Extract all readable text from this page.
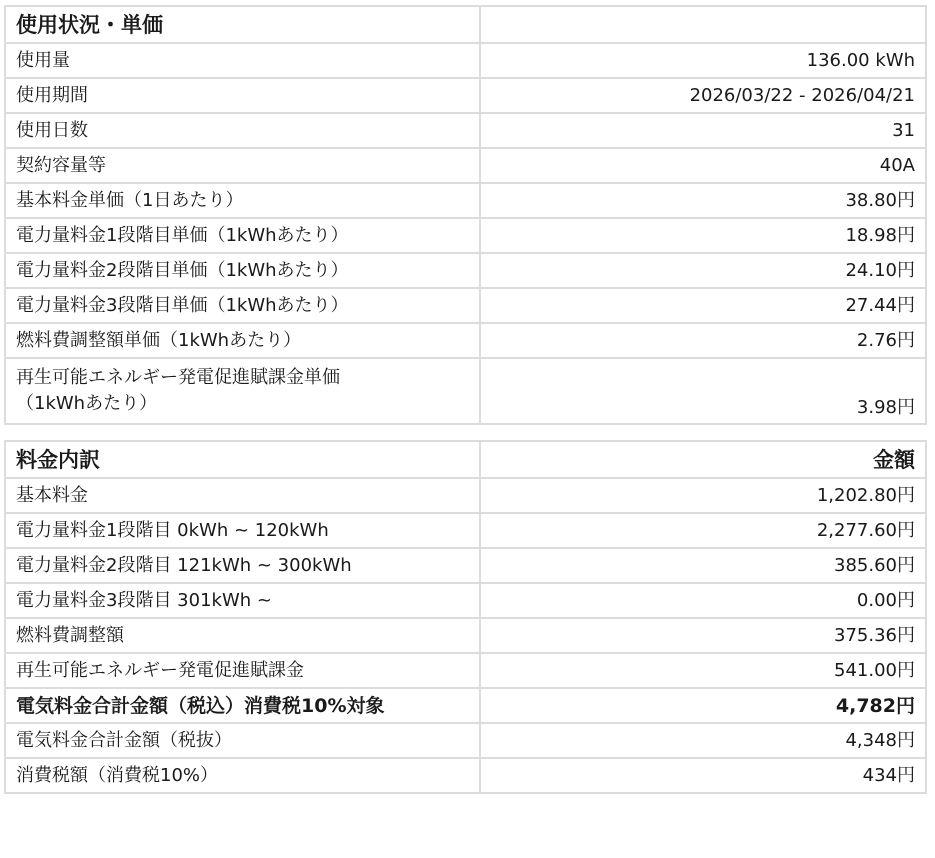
使用状況・単価	
使用量	136.00 kWh
使用期間	2026/03/22 - 2026/04/21
使用日数	31
契約容量等	40A
基本料金単価（1日あたり）	38.80円
電力量料金1段階目単価（1kWhあたり）	18.98円
電力量料金2段階目単価（1kWhあたり）	24.10円
電力量料金3段階目単価（1kWhあたり）	27.44円
燃料費調整額単価（1kWhあたり）	2.76円

再生可能エネルギー発電促進賦課金単価
（1kWhあたり）	3.98円
料金内訳	金額
基本料金	1,202.80円
電力量料金1段階目 0kWh ~ 120kWh	2,277.60円
電力量料金2段階目 121kWh ~ 300kWh	385.60円
電力量料金3段階目 301kWh ~	0.00円
燃料費調整額	375.36円
再生可能エネルギー発電促進賦課金	541.00円
電気料金合計金額（税込）消費税10%対象	4,782円
電気料金合計金額（税抜）	4,348円
消費税額（消費税10%）	434円
